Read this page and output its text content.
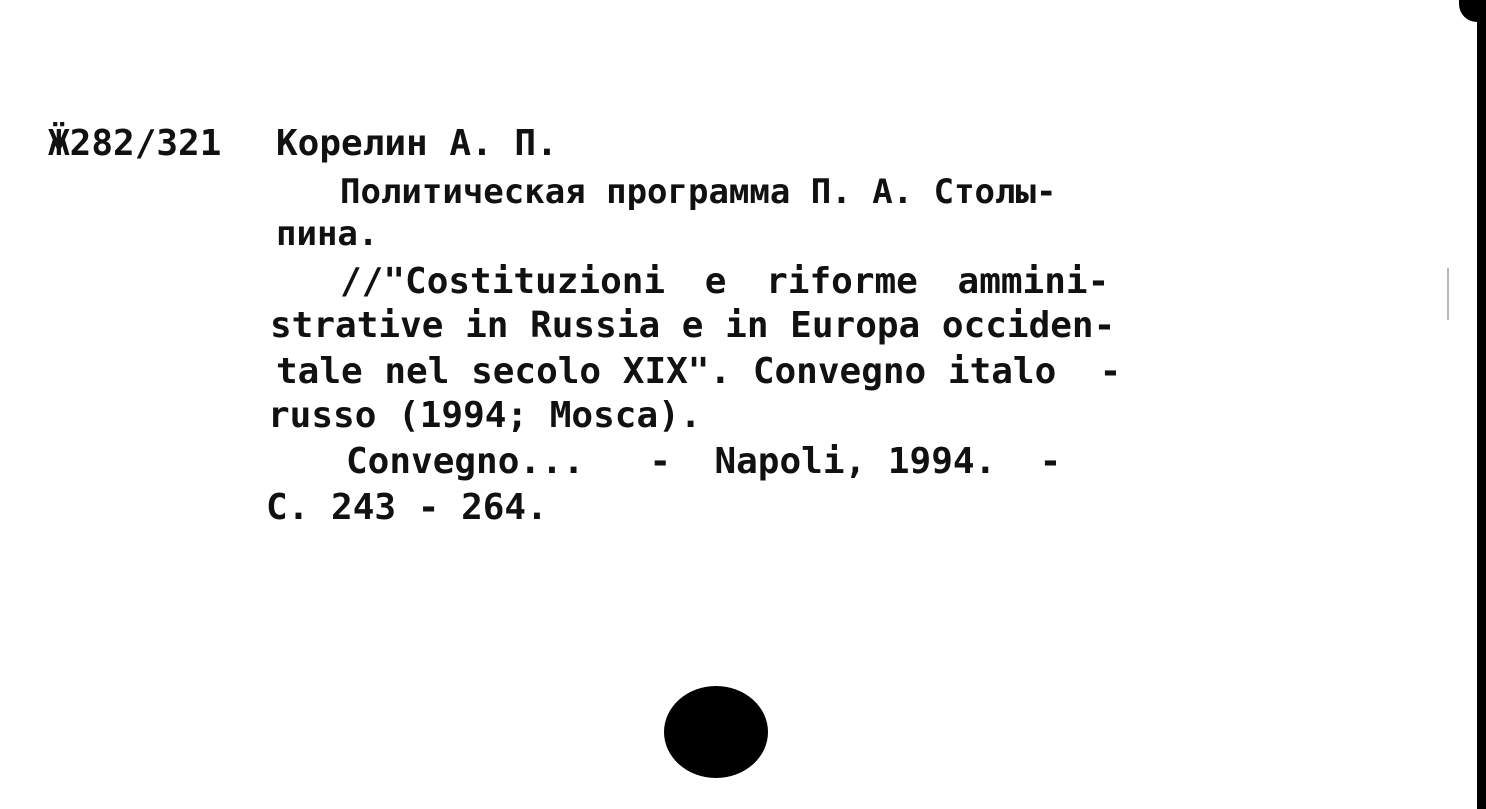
Ӝ282/321 Корелин А. П.
Политическая программа П. А. Столы-
пина.
//"Costituzioni e riforme ammini-
strative in Russia e in Europa occiden-
tale nel secolo XIX". Convegno italo  -
russo (1994; Mosca).
Convegno...   -  Napoli, 1994.  -
C. 243 - 264.
